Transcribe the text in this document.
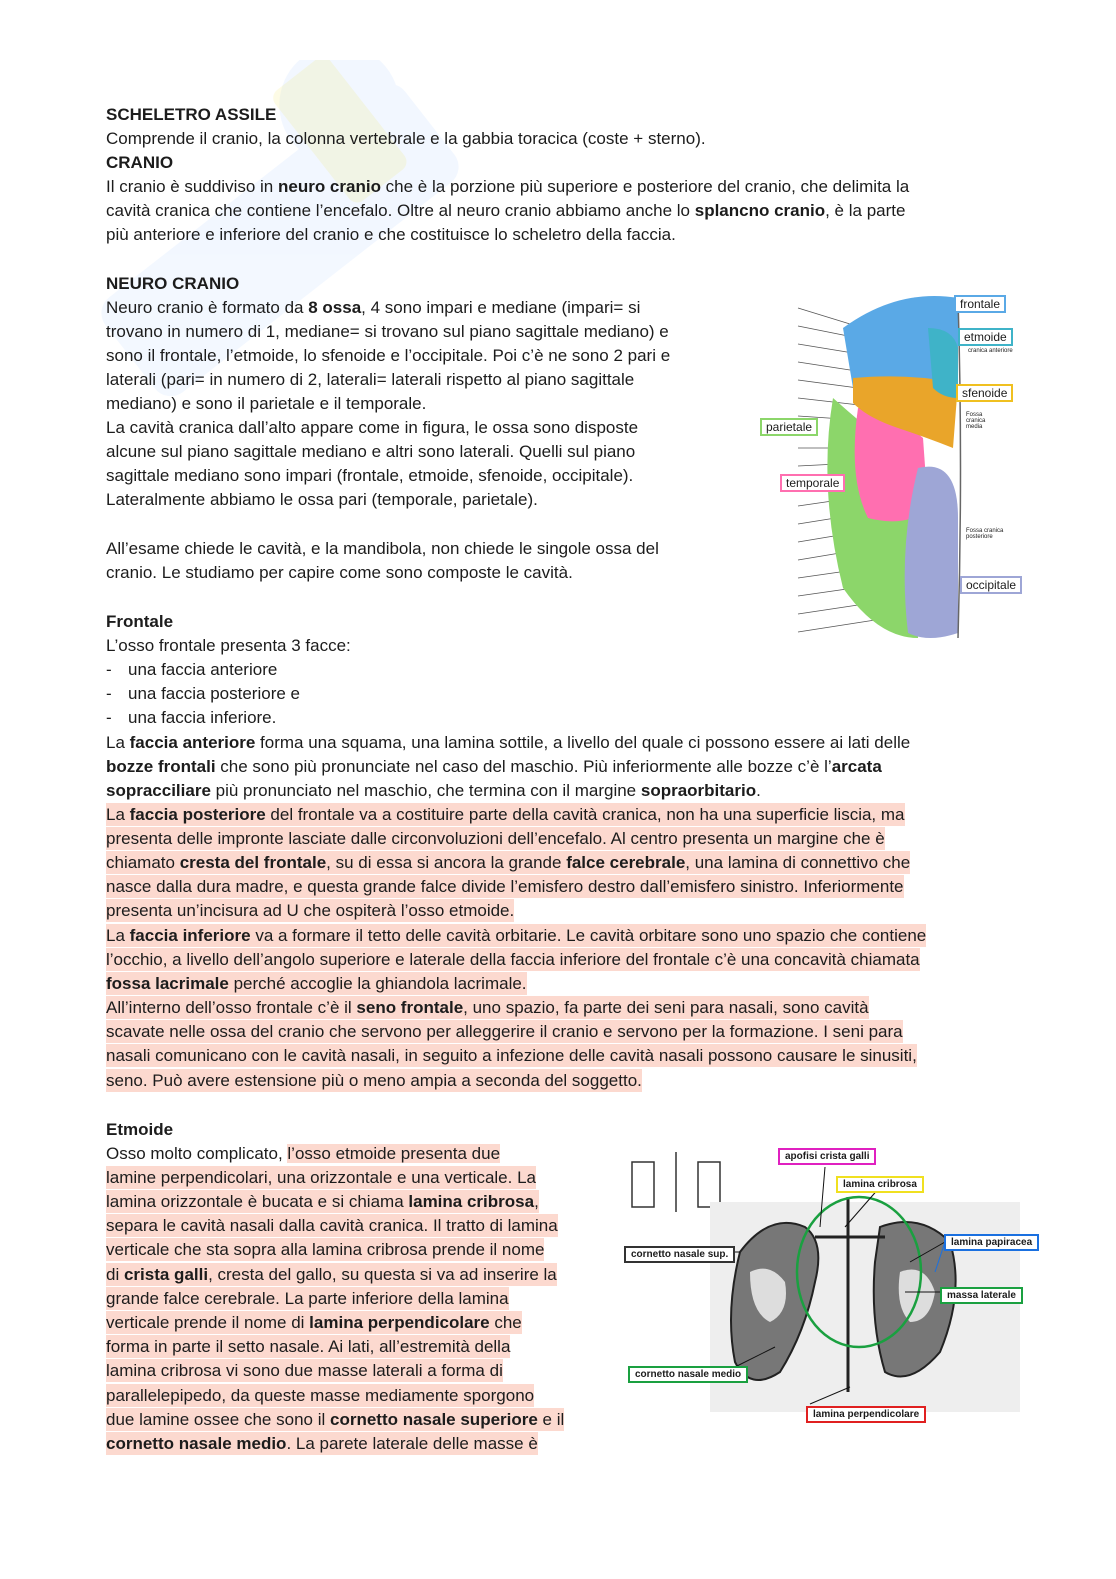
SCHELETRO ASSILE
Comprende il cranio, la colonna vertebrale e la gabbia toracica (coste + sterno).
CRANIO
Il cranio è suddiviso in neuro cranio che è la porzione più superiore e posteriore del cranio, che delimita la
cavità cranica che contiene l’encefalo. Oltre al neuro cranio abbiamo anche lo splancno cranio, è la parte
più anteriore e inferiore del cranio e che costituisce lo scheletro della faccia.
NEURO CRANIO
Neuro cranio è formato da 8 ossa, 4 sono impari e mediane (impari= si
trovano in numero di 1, mediane= si trovano sul piano sagittale mediano) e
sono il frontale, l’etmoide, lo sfenoide e l’occipitale. Poi c’è ne sono 2 pari e
laterali (pari= in numero di 2, laterali= laterali rispetto al piano sagittale
mediano) e sono il parietale e il temporale.
La cavità cranica dall’alto appare come in figura, le ossa sono disposte
alcune sul piano sagittale mediano e altri sono laterali. Quelli sul piano
sagittale mediano sono impari (frontale, etmoide, sfenoide, occipitale).
Lateralmente abbiamo le ossa pari (temporale, parietale).
All’esame chiede le cavità, e la mandibola, non chiede le singole ossa del
cranio. Le studiamo per capire come sono composte le cavità.
frontale
etmoide
cranica anteriore
sfenoide
Fossa cranica media
parietale
temporale
Fossa cranica posteriore
occipitale
Frontale
L’osso frontale presenta 3 facce:
- una faccia anteriore
- una faccia posteriore e
- una faccia inferiore.
La faccia anteriore forma una squama, una lamina sottile, a livello del quale ci possono essere ai lati delle
bozze frontali che sono più pronunciate nel caso del maschio. Più inferiormente alle bozze c’è l’arcata
sopracciliare più pronunciato nel maschio, che termina con il margine sopraorbitario.
La faccia posteriore del frontale va a costituire parte della cavità cranica, non ha una superficie liscia, ma
presenta delle impronte lasciate dalle circonvoluzioni dell’encefalo. Al centro presenta un margine che è
chiamato cresta del frontale, su di essa si ancora la grande falce cerebrale, una lamina di connettivo che
nasce dalla dura madre, e questa grande falce divide l’emisfero destro dall’emisfero sinistro. Inferiormente
presenta un’incisura ad U che ospiterà l’osso etmoide.
La faccia inferiore va a formare il tetto delle cavità orbitarie. Le cavità orbitare sono uno spazio che contiene
l’occhio, a livello dell’angolo superiore e laterale della faccia inferiore del frontale c’è una concavità chiamata
fossa lacrimale perché accoglie la ghiandola lacrimale.
All’interno dell’osso frontale c’è il seno frontale, uno spazio, fa parte dei seni para nasali, sono cavità
scavate nelle ossa del cranio che servono per alleggerire il cranio e servono per la formazione. I seni para
nasali comunicano con le cavità nasali, in seguito a infezione delle cavità nasali possono causare le sinusiti,
seno. Può avere estensione più o meno ampia a seconda del soggetto.
Etmoide
Osso molto complicato, l’osso etmoide presenta due
lamine perpendicolari, una orizzontale e una verticale. La
lamina orizzontale è bucata e si chiama lamina cribrosa,
separa le cavità nasali dalla cavità cranica. Il tratto di lamina
verticale che sta sopra alla lamina cribrosa prende il nome
di crista galli, cresta del gallo, su questa si va ad inserire la
grande falce cerebrale. La parte inferiore della lamina
verticale prende il nome di lamina perpendicolare che
forma in parte il setto nasale. Ai lati, all’estremità della
lamina cribrosa vi sono due masse laterali a forma di
parallelepipedo, da queste masse mediamente sporgono
due lamine ossee che sono il cornetto nasale superiore e il
cornetto nasale medio. La parete laterale delle masse è
apofisi crista galli
lamina cribrosa
lamina papiracea
cornetto nasale sup.
massa laterale
cornetto nasale medio
lamina perpendicolare
